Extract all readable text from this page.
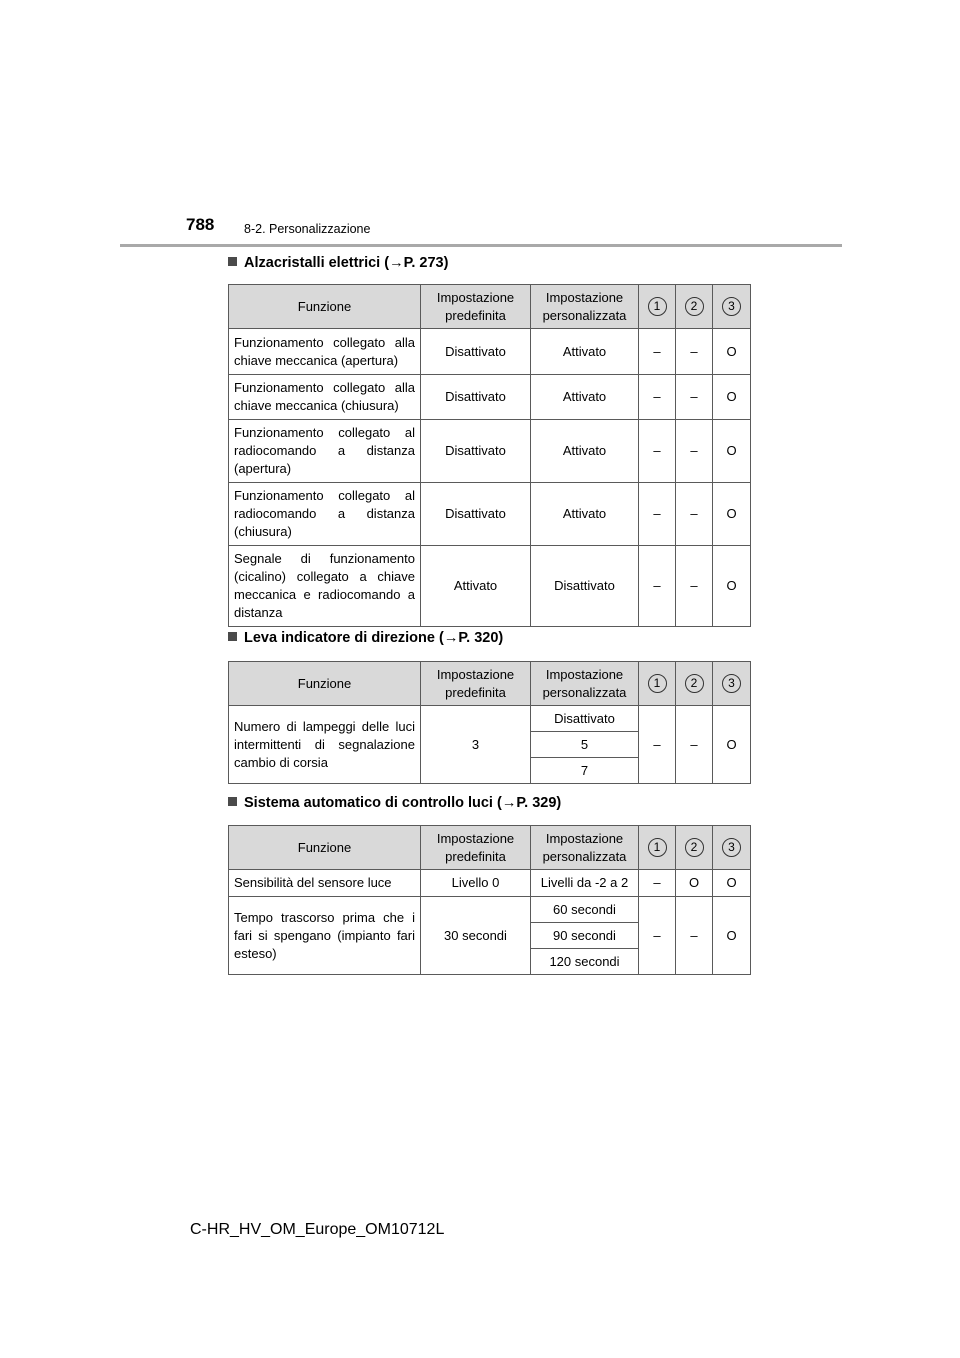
788 8-2. Personalizzazione
Alzacristalli elettrici (→P. 273)
Funzione	Impostazione predefinita	Impostazione personalizzata	1	2	3
Funzionamento collegato alla chiave meccanica (apertura)	Disattivato	Attivato	–	–	O
Funzionamento collegato alla chiave meccanica (chiusura)	Disattivato	Attivato	–	–	O
Funzionamento collegato al radiocomando a distanza (apertura)	Disattivato	Attivato	–	–	O
Funzionamento collegato al radiocomando a distanza (chiusura)	Disattivato	Attivato	–	–	O
Segnale di funzionamento (cicalino) collegato a chiave meccanica e radiocomando a distanza	Attivato	Disattivato	–	–	O
Leva indicatore di direzione (→P. 320)
Funzione	Impostazione predefinita	Impostazione personalizzata	1	2	3
Numero di lampeggi delle luci intermittenti di segnalazione cambio di corsia	3	Disattivato	–	–	O
		5			
		7			
Sistema automatico di controllo luci (→P. 329)
Funzione	Impostazione predefinita	Impostazione personalizzata	1	2	3
Sensibilità del sensore luce	Livello 0	Livelli da -2 a 2	–	O	O
Tempo trascorso prima che i fari si spengano (impianto fari esteso)	30 secondi	60 secondi	–	–	O
		90 secondi			
		120 secondi			
C-HR_HV_OM_Europe_OM10712L
